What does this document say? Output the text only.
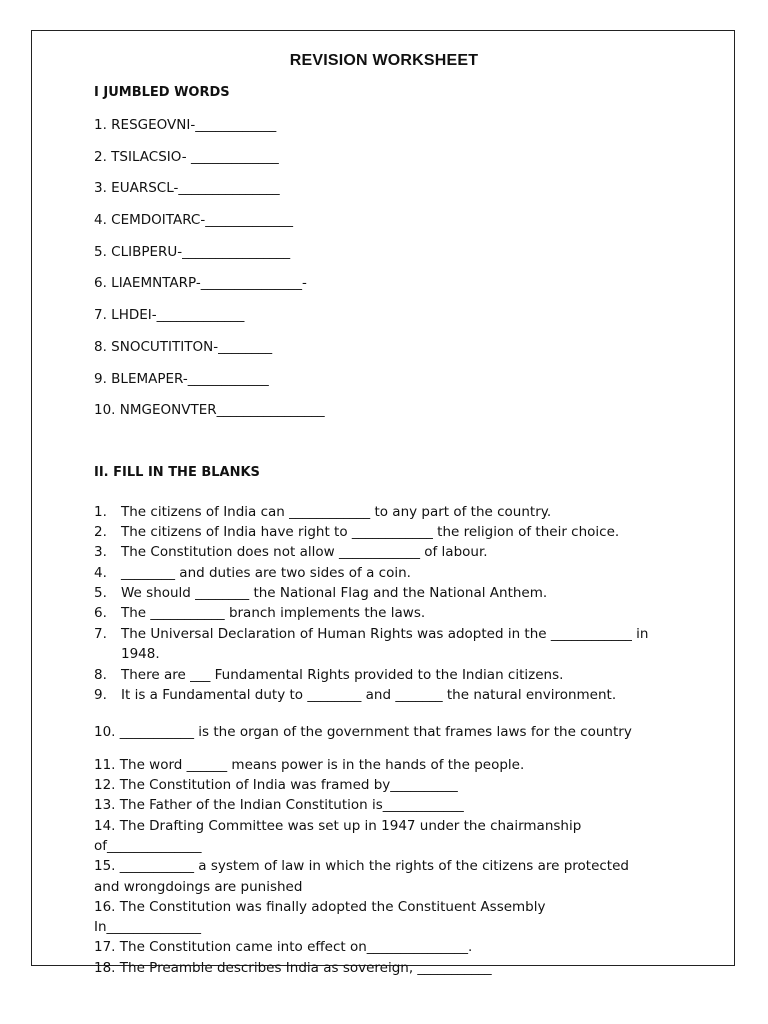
REVISION WORKSHEET
I JUMBLED WORDS
1. RESGEOVNI-____________
2. TSILACSIO- _____________
3. EUARSCL-_______________
4. CEMDOITARC-_____________
5. CLIBPERU-________________
6. LIAEMNTARP-_______________-
7. LHDEI-_____________
8. SNOCUTITITON-________
9. BLEMAPER-____________
10. NMGEONVTER________________
II. FILL IN THE BLANKS
1. The citizens of India can ____________ to any part of the country.
2. The citizens of India have right to ____________ the religion of their choice.
3. The Constitution does not allow ____________ of labour.
4. ________ and duties are two sides of a coin.
5. We should ________ the National Flag and the National Anthem.
6. The ___________ branch implements the laws.
7. The Universal Declaration of Human Rights was adopted in the ____________ in
1948.
8. There are ___ Fundamental Rights provided to the Indian citizens.
9. It is a Fundamental duty to ________ and _______ the natural environment.
10. ___________ is the organ of the government that frames laws for the country
11. The word ______ means power is in the hands of the people.
12. The Constitution of India was framed by__________
13. The Father of the Indian Constitution is____________
14. The Drafting Committee was set up in 1947 under the chairmanship
of______________
15. ___________ a system of law in which the rights of the citizens are protected
and wrongdoings are punished
16. The Constitution was finally adopted the Constituent Assembly
In______________
17. The Constitution came into effect on_______________.
18. The Preamble describes India as sovereign, ___________
